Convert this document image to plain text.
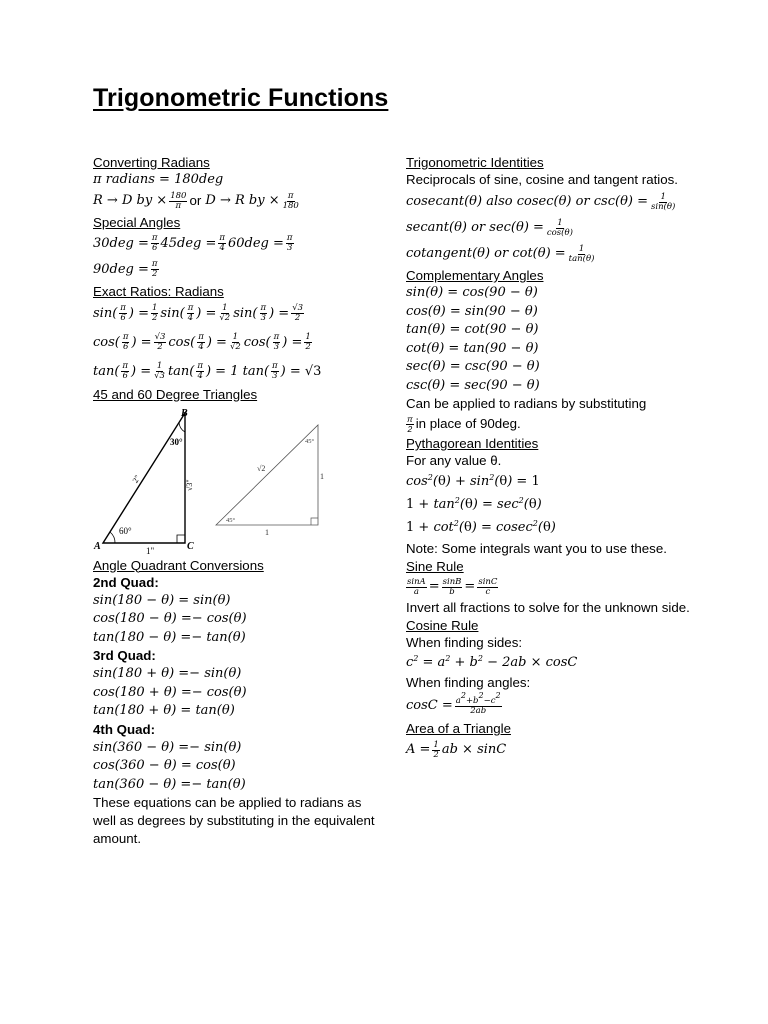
Trigonometric Functions
Converting Radians
π radians = 180deg
R → D by × $\frac{180}{\pi}$ or
D → R by × $\frac{\pi}{180}$
Special Angles
$30deg = \frac{\pi}{6} 45deg = \frac{\pi}{4} 60deg = \frac{\pi}{3}$
$90deg = \frac{\pi}{2}$
Exact Ratios: Radians
$\sin( \frac{\pi}{6}$ ) = $\frac{1}{2} \sin( \frac{\pi}{4}$ ) = $\frac{1}{√2} \sin( \frac{\pi}{3}$ ) = $\frac{√3}{2}$
$\cos( \frac{\pi}{6}$ ) = $\frac{√3}{2} \cos( \frac{\pi}{4}$ ) = $\frac{1}{√2} \cos( \frac{\pi}{3}$ ) = $\frac{1}{2}$
$\tan( \frac{\pi}{6}$ ) = $\frac{1}{√3} \tan( \frac{\pi}{4}$ ) = 1
$\tan( \frac{\pi}{3}$ ) =
√3
45 and 60 Degree Triangles
B
A	C
30°
60°
2"
1"
√3"
45°
45°
√2
1
1
Angle Quadrant Conversions
2nd Quad:
sin(180 − θ) = sin(θ)
cos(180 − θ) =− cos(θ)
tan(180 − θ) =− tan(θ)
3rd Quad:
sin(180 + θ) =− sin(θ)
cos(180 + θ) =− cos(θ)
tan(180 + θ) = tan(θ)
4th Quad:
sin(360 − θ) =− sin(θ)
cos(360 − θ) = cos(θ)
tan(360 − θ) =− tan(θ)
These equations can be applied to radians as well as degrees by substituting in the equivalent amount.
Trigonometric Identities
Reciprocals of sine, cosine and tangent ratios.
cosecant(θ) also cosec(θ) or $\csc(\theta) = \frac{1}{\sin(\theta)}$
secant(θ) or $\sec(\theta) = \frac{1}{\cos(\theta)}$
cotangent(θ) or $\cot(\theta) = \frac{1}{\tan(\theta)}$
Complementary Angles
sin(θ) = cos(90 − θ)
cos(θ) = sin(90 − θ)
tan(θ) = cot(90 − θ)
cot(θ) = tan(90 − θ)
sec(θ) = csc(90 − θ)
csc(θ) = sec(90 − θ)
Can be applied to radians by substituting
$\frac{\pi}{2}$ in place of 90deg.
Pythagorean Identities
For any value θ.
$\cos^2(\theta) + \sin^2(\theta) = 1$
$1 + \tan^2(\theta) = \sec^2(\theta)$
$1 + \cot^2(\theta) = cosec^2(\theta)$
Note: Some integrals want you to use these.
Sine Rule
$\frac{\sin A}{a} = \frac{\sin B}{b} = \frac{\sin C}{c}$
Invert all fractions to solve for the unknown side.
Cosine Rule
When finding sides:
$c^2 = a^2 + b^2 - 2ab \times \cos C$
When finding angles:
$\cos C = \frac{a^2+b^2-c^2}{2ab}$
Area of a Triangle
$A = \frac{1}{2}$ ab × sinC
